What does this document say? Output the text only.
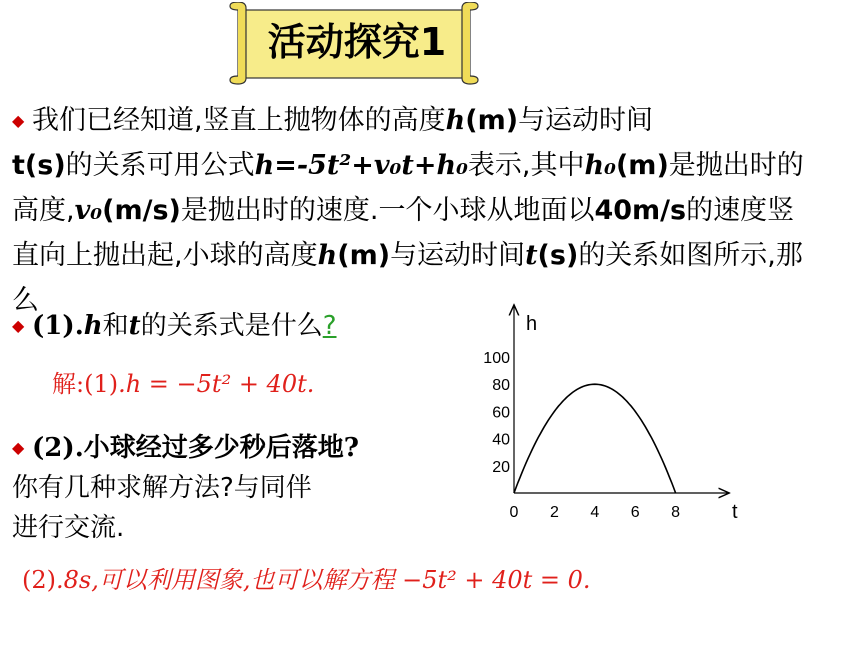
活动探究1
◆ 我们已经知道,竖直上抛物体的高度h(m)与运动时间
t(s)的关系可用公式h=-5t²+v₀t+h₀表示,其中h₀(m)是抛出时的高度,v₀(m/s)是抛出时的速度.一个小球从地面以40m/s的速度竖直向上抛出起,小球的高度h(m)与运动时间t(s)的关系如图所示,那么
◆ (1).h和t的关系式是什么?
解:(1).h = −5t² + 40t.
◆ (2).小球经过多少秒后落地?
你有几种求解方法?与同伴
进行交流.
(2).8s,可以利用图象,也可以解方程 −5t² + 40t = 0.
0 2 4 6 8
20
40
60
80
100
t
h
